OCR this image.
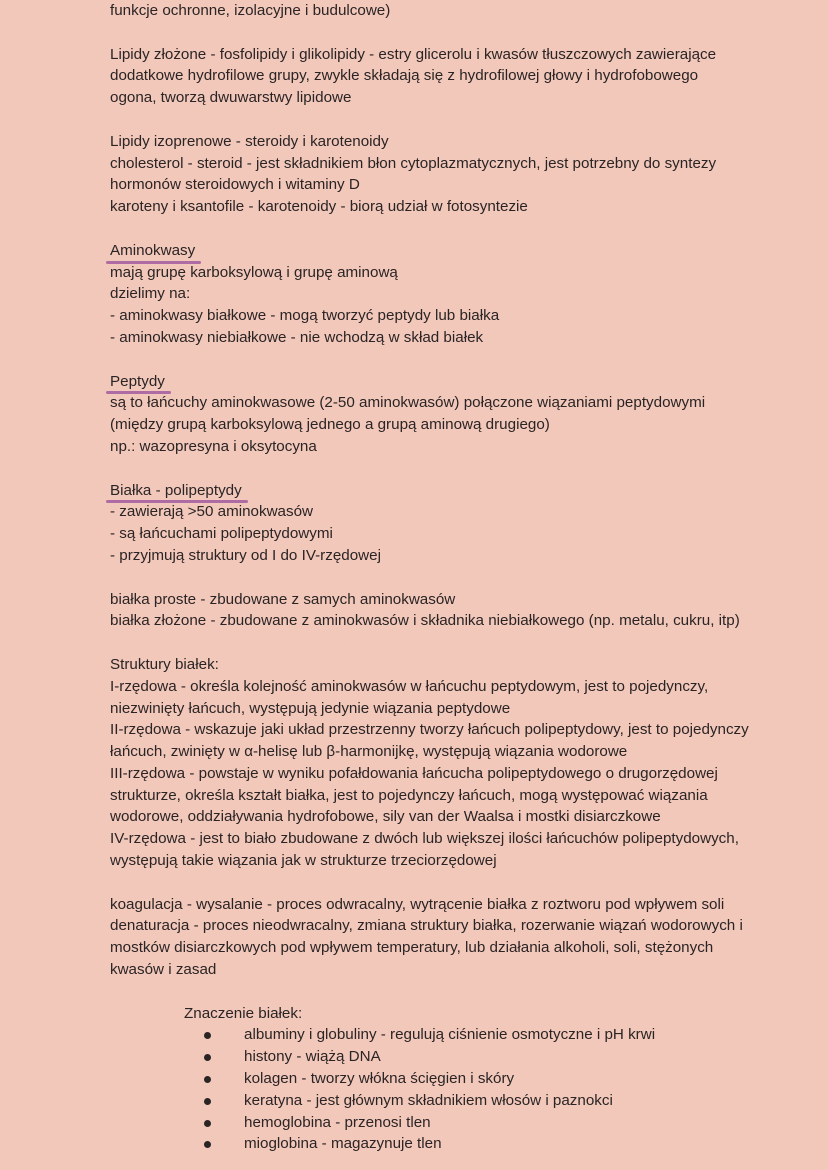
funkcje ochronne, izolacyjne i budulcowe)
Lipidy złożone - fosfolipidy i glikolipidy - estry glicerolu i kwasów tłuszczowych zawierające
dodatkowe hydrofilowe grupy, zwykle składają się z hydrofilowej głowy i hydrofobowego
ogona, tworzą dwuwarstwy lipidowe
Lipidy izoprenowe - steroidy i karotenoidy
cholesterol - steroid - jest składnikiem błon cytoplazmatycznych, jest potrzebny do syntezy
hormonów steroidowych i witaminy D
karoteny i ksantofile - karotenoidy - biorą udział w fotosyntezie
Aminokwasy
mają grupę karboksylową i grupę aminową
dzielimy na:
- aminokwasy białkowe - mogą tworzyć peptydy lub białka
- aminokwasy niebiałkowe - nie wchodzą w skład białek
Peptydy
są to łańcuchy aminokwasowe (2-50 aminokwasów) połączone wiązaniami peptydowymi
(między grupą karboksylową jednego a grupą aminową drugiego)
np.: wazopresyna i oksytocyna
Białka - polipeptydy
- zawierają >50 aminokwasów
- są łańcuchami polipeptydowymi
- przyjmują struktury od I do IV-rzędowej
białka proste - zbudowane z samych aminokwasów
białka złożone - zbudowane z aminokwasów i składnika niebiałkowego (np. metalu, cukru, itp)
Struktury białek:
I-rzędowa - określa kolejność aminokwasów w łańcuchu peptydowym, jest to pojedynczy,
niezwinięty łańcuch, występują jedynie wiązania peptydowe
II-rzędowa - wskazuje jaki układ przestrzenny tworzy łańcuch polipeptydowy, jest to pojedynczy
łańcuch, zwinięty w α-helisę lub β-harmonijkę, występują wiązania wodorowe
III-rzędowa - powstaje w wyniku pofałdowania łańcucha polipeptydowego o drugorzędowej
strukturze, określa kształt białka, jest to pojedynczy łańcuch, mogą występować wiązania
wodorowe, oddziaływania hydrofobowe, sily van der Waalsa i mostki disiarczkowe
IV-rzędowa - jest to biało zbudowane z dwóch lub większej ilości łańcuchów polipeptydowych,
występują takie wiązania jak w strukturze trzeciorzędowej
koagulacja - wysalanie - proces odwracalny, wytrącenie białka z roztworu pod wpływem soli
denaturacja - proces nieodwracalny, zmiana struktury białka, rozerwanie wiązań wodorowych i
mostków disiarczkowych pod wpływem temperatury, lub działania alkoholi, soli, stężonych
kwasów i zasad
Znaczenie białek:
albuminy i globuliny - regulują ciśnienie osmotyczne i pH krwi
histony - wiążą DNA
kolagen - tworzy włókna ścięgien i skóry
keratyna - jest głównym składnikiem włosów i paznokci
hemoglobina - przenosi tlen
mioglobina - magazynuje tlen
